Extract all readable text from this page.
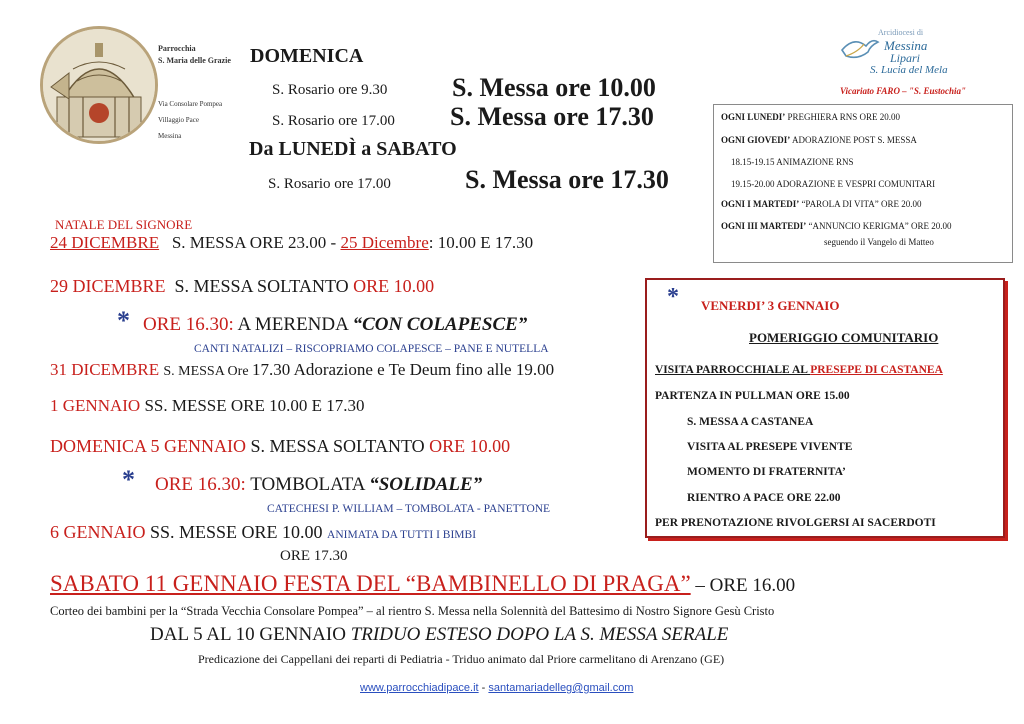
Parrocchia
S. Maria delle Grazie
Via Consolare Pompea
Villaggio Pace
Messina
Arcidiocesi di
Messina
Lipari
S. Lucia del Mela
Vicariato FARO – "S. Eustochia"
DOMENICA
S. Rosario ore 9.30 S. Messa ore 10.00
S. Rosario ore 17.00 S. Messa ore 17.30
Da LUNEDÌ a SABATO
S. Rosario ore 17.00	S. Messa ore 17.30
OGNI LUNEDI’ PREGHIERA RNS ORE 20.00
OGNI GIOVEDI’ ADORAZIONE POST S. MESSA
18.15-19.15 ANIMAZIONE RNS
19.15-20.00 ADORAZIONE E VESPRI COMUNITARI
OGNI I MARTEDI’ “PAROLA DI VITA” ORE 20.00
OGNI III MARTEDI’ “ANNUNCIO KERIGMA” ORE 20.00
seguendo il Vangelo di Matteo
NATALE DEL SIGNORE
24 DICEMBRE S. MESSA ORE 23.00 - 25 Dicembre: 10.00 E 17.30
29 DICEMBRE S. MESSA SOLTANTO ORE 10.00
* ORE 16.30: A MERENDA “CON COLAPESCE”
CANTI NATALIZI – RISCOPRIAMO COLAPESCE – PANE E NUTELLA
31 DICEMBRE S. MESSA Ore 17.30 Adorazione e Te Deum fino alle 19.00
1 GENNAIO SS. MESSE ORE 10.00 E 17.30
DOMENICA 5 GENNAIO S. MESSA SOLTANTO ORE 10.00
* ORE 16.30: TOMBOLATA “SOLIDALE”
CATECHESI P. WILLIAM – TOMBOLATA - PANETTONE
6 GENNAIO SS. MESSE ORE 10.00 ANIMATA DA TUTTI I BIMBI
ORE 17.30
* VENERDI’ 3 GENNAIO
POMERIGGIO COMUNITARIO
VISITA PARROCCHIALE AL PRESEPE DI CASTANEA
PARTENZA IN PULLMAN ORE 15.00
S. MESSA A CASTANEA
VISITA AL PRESEPE VIVENTE
MOMENTO DI FRATERNITA’
RIENTRO A PACE ORE 22.00
PER PRENOTAZIONE RIVOLGERSI AI SACERDOTI
SABATO 11 GENNAIO FESTA DEL “BAMBINELLO DI PRAGA” – ORE 16.00
Corteo dei bambini per la “Strada Vecchia Consolare Pompea” – al rientro S. Messa nella Solennità del Battesimo di Nostro Signore Gesù Cristo
DAL 5 AL 10 GENNAIO TRIDUO ESTESO DOPO LA S. MESSA SERALE
Predicazione dei Cappellani dei reparti di Pediatria - Triduo animato dal Priore carmelitano di Arenzano (GE)
www.parrocchiadipace.it - santamariadelleg@gmail.com
